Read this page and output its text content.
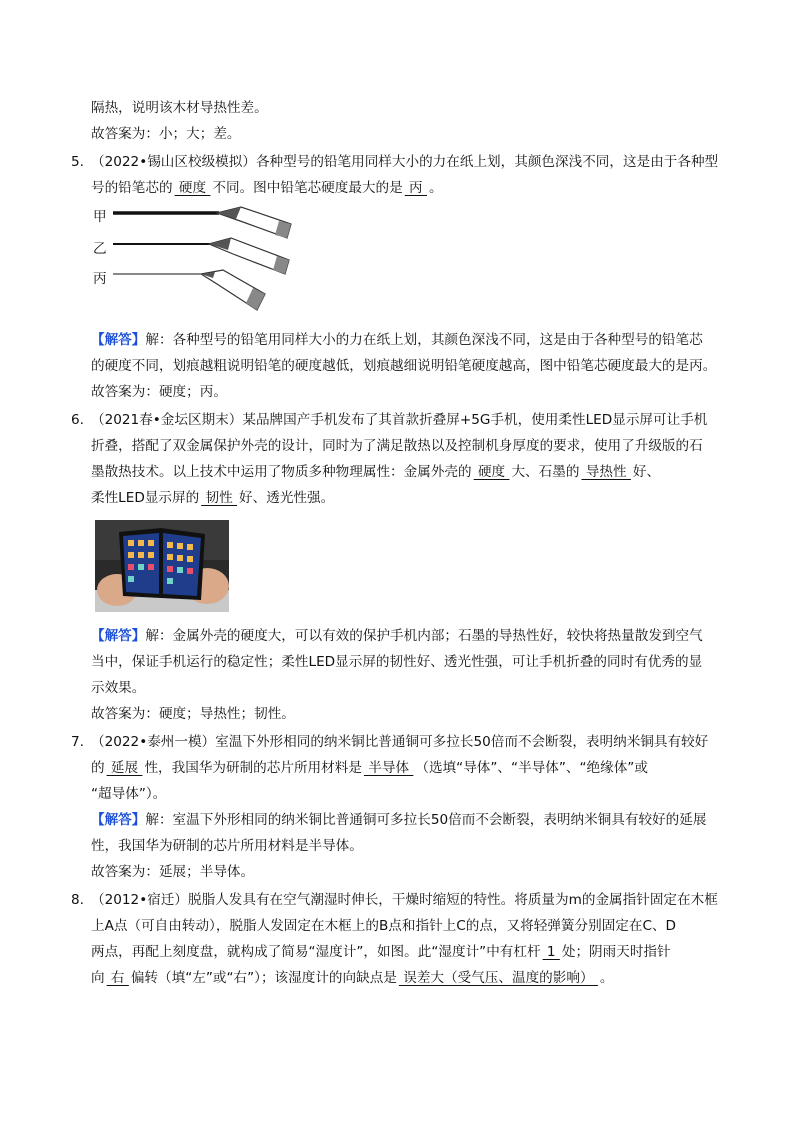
隔热，说明该木材导热性差。
故答案为：小；大；差。
5. （2022•锡山区校级模拟）各种型号的铅笔用同样大小的力在纸上划，其颜色深浅不同，这是由于各种型
号的铅笔芯的 硬度 不同。图中铅笔芯硬度最大的是 丙 。
甲
乙
丙
【解答】解：各种型号的铅笔用同样大小的力在纸上划，其颜色深浅不同，这是由于各种型号的铅笔芯
的硬度不同，划痕越粗说明铅笔的硬度越低，划痕越细说明铅笔硬度越高，图中铅笔芯硬度最大的是丙。
故答案为：硬度；丙。
6. （2021春•金坛区期末）某品牌国产手机发布了其首款折叠屏+5G手机，使用柔性LED显示屏可让手机
折叠，搭配了双金属保护外壳的设计，同时为了满足散热以及控制机身厚度的要求，使用了升级版的石
墨散热技术。以上技术中运用了物质多种物理属性：金属外壳的 硬度 大、石墨的 导热性 好、
柔性LED显示屏的 韧性 好、透光性强。
【解答】解：金属外壳的硬度大，可以有效的保护手机内部；石墨的导热性好，较快将热量散发到空气
当中，保证手机运行的稳定性；柔性LED显示屏的韧性好、透光性强，可让手机折叠的同时有优秀的显
示效果。
故答案为：硬度；导热性；韧性。
7. （2022•泰州一模）室温下外形相同的纳米铜比普通铜可多拉长50倍而不会断裂，表明纳米铜具有较好
的 延展 性，我国华为研制的芯片所用材料是 半导体 （选填“导体”、“半导体”、“绝缘体”或
“超导体”）。
【解答】解：室温下外形相同的纳米铜比普通铜可多拉长50倍而不会断裂，表明纳米铜具有较好的延展
性，我国华为研制的芯片所用材料是半导体。
故答案为：延展；半导体。
8. （2012•宿迁）脱脂人发具有在空气潮湿时伸长，干燥时缩短的特性。将质量为m的金属指针固定在木框
上A点（可自由转动），脱脂人发固定在木框上的B点和指针上C的点，又将轻弹簧分别固定在C、D
两点，再配上刻度盘，就构成了简易“湿度计”，如图。此“湿度计”中有杠杆 1 处；阴雨天时指针
向 右 偏转（填“左”或“右”）；该湿度计的向缺点是 误差大（受气压、温度的影响） 。
